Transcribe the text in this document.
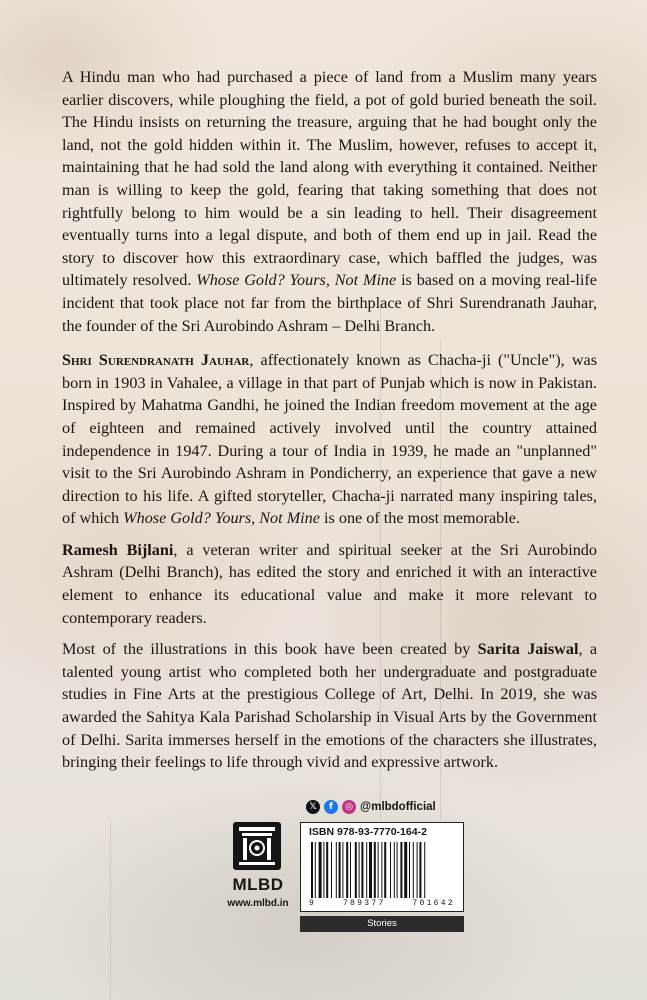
A Hindu man who had purchased a piece of land from a Muslim many years earlier discovers, while ploughing the field, a pot of gold buried beneath the soil. The Hindu insists on returning the treasure, arguing that he had bought only the land, not the gold hidden within it. The Muslim, however, refuses to accept it, maintaining that he had sold the land along with everything it contained. Neither man is willing to keep the gold, fearing that taking something that does not rightfully belong to him would be a sin leading to hell. Their disagreement eventually turns into a legal dispute, and both of them end up in jail. Read the story to discover how this extraordinary case, which baffled the judges, was ultimately resolved. Whose Gold? Yours, Not Mine is based on a moving real-life incident that took place not far from the birthplace of Shri Surendranath Jauhar, the founder of the Sri Aurobindo Ashram – Delhi Branch.

Shri Surendranath Jauhar, affectionately known as Chacha-ji ("Uncle"), was born in 1903 in Vahalee, a village in that part of Punjab which is now in Pakistan. Inspired by Mahatma Gandhi, he joined the Indian freedom movement at the age of eighteen and remained actively involved until the country attained independence in 1947. During a tour of India in 1939, he made an "unplanned" visit to the Sri Aurobindo Ashram in Pondicherry, an experience that gave a new direction to his life. A gifted storyteller, Chacha-ji narrated many inspiring tales, of which Whose Gold? Yours, Not Mine is one of the most memorable.

Ramesh Bijlani, a veteran writer and spiritual seeker at the Sri Aurobindo Ashram (Delhi Branch), has edited the story and enriched it with an interactive element to enhance its educational value and make it more relevant to contemporary readers.

Most of the illustrations in this book have been created by Sarita Jaiswal, a talented young artist who completed both her undergraduate and postgraduate studies in Fine Arts at the prestigious College of Art, Delhi. In 2019, she was awarded the Sahitya Kala Parishad Scholarship in Visual Arts by the Government of Delhi. Sarita immerses herself in the emotions of the characters she illustrates, bringing their feelings to life through vivid and expressive artwork.

𝕏	f	◎ @mlbdofficial
MLBD
www.mlbd.in
ISBN 978-93-7770-164-2
9	789377	701642
Stories
